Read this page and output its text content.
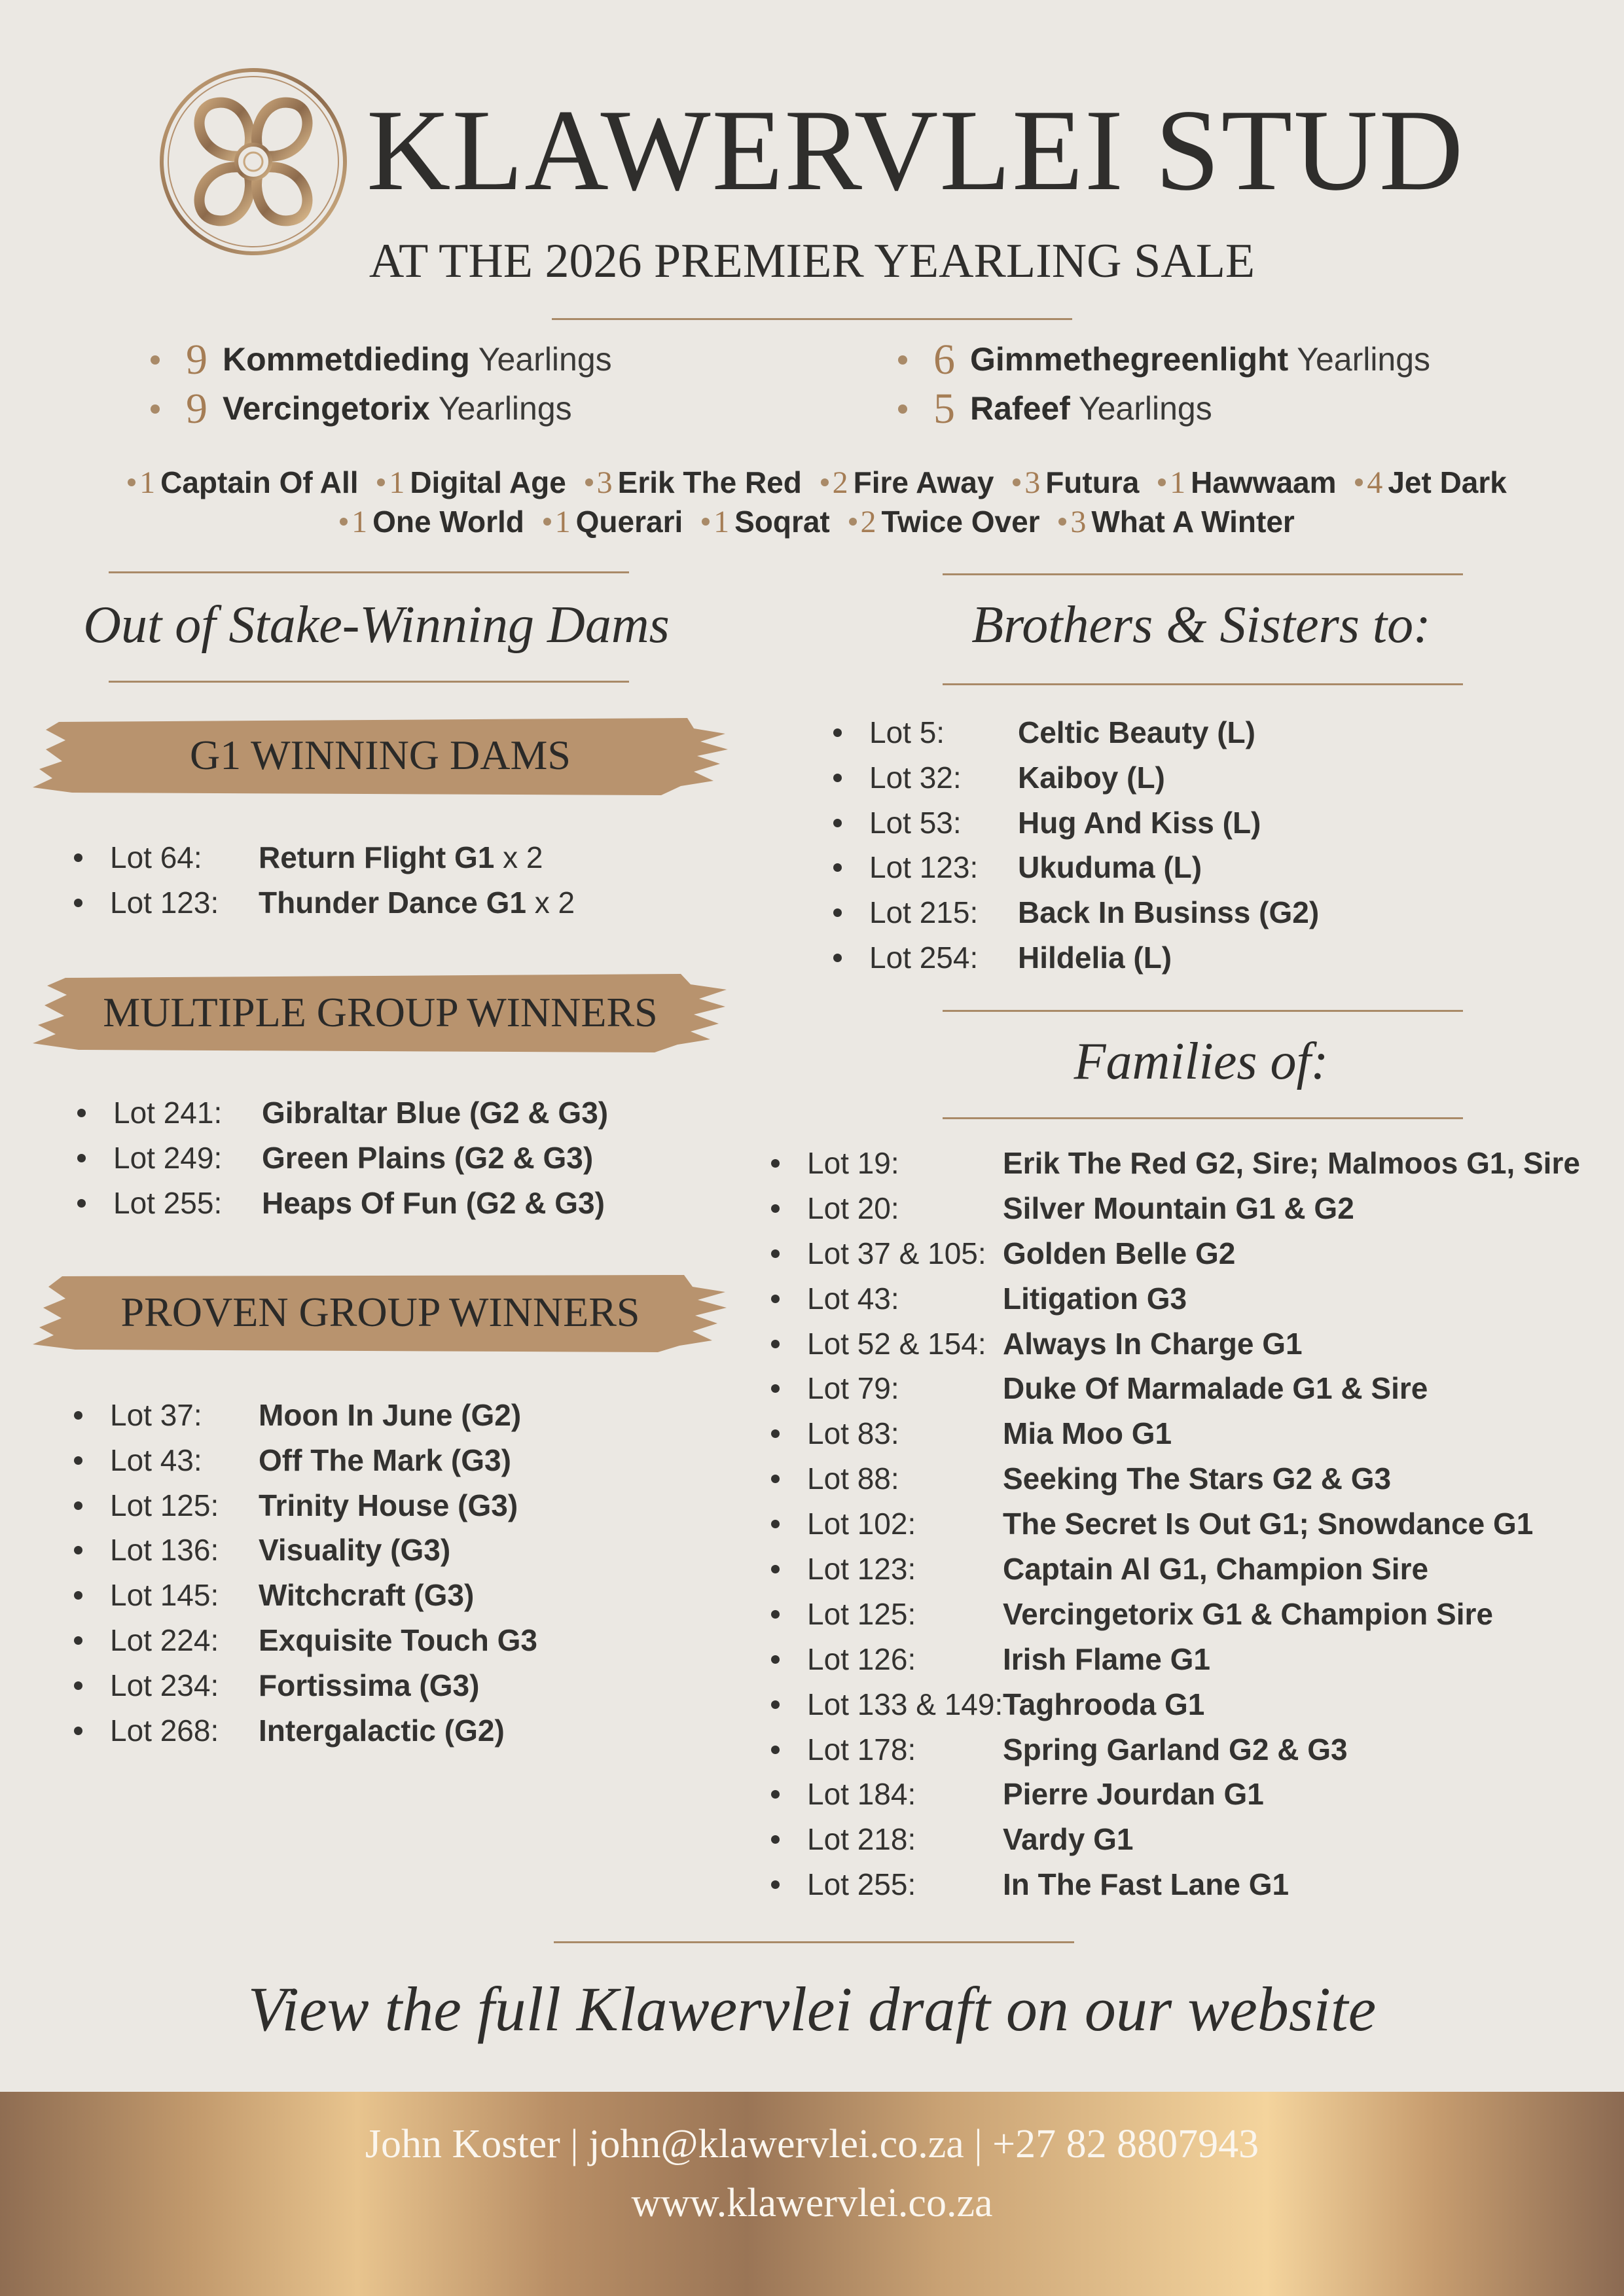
KLAWERVLEI STUD
AT THE 2026 PREMIER YEARLING SALE
9 Kommetdieding Yearlings
9 Vercingetorix Yearlings
6 Gimmethegreenlight Yearlings
5 Rafeef Yearlings
1 Captain Of All 1 Digital Age 3 Erik The Red 2 Fire Away 3 Futura 1 Hawwaam 4 Jet Dark
1 One World 1 Querari 1 Soqrat 2 Twice Over 3 What A Winter
Out of Stake-Winning Dams
G1 WINNING DAMS
Lot 64: Return Flight G1 x 2
Lot 123: Thunder Dance G1 x 2
MULTIPLE GROUP WINNERS
Lot 241: Gibraltar Blue (G2 & G3)
Lot 249: Green Plains (G2 & G3)
Lot 255: Heaps Of Fun (G2 & G3)
PROVEN GROUP WINNERS
Lot 37: Moon In June (G2)
Lot 43: Off The Mark (G3)
Lot 125: Trinity House (G3)
Lot 136: Visuality (G3)
Lot 145: Witchcraft (G3)
Lot 224: Exquisite Touch G3
Lot 234: Fortissima (G3)
Lot 268: Intergalactic (G2)
Brothers & Sisters to:
Lot 5: Celtic Beauty (L)
Lot 32: Kaiboy (L)
Lot 53: Hug And Kiss (L)
Lot 123: Ukuduma (L)
Lot 215: Back In Businss (G2)
Lot 254: Hildelia (L)
Families of:
Lot 19:	Erik The Red G2, Sire; Malmoos G1, Sire
Lot 20:	Silver Mountain G1 & G2
Lot 37 & 105: Golden Belle G2
Lot 43:	Litigation G3
Lot 52 & 154: Always In Charge G1
Lot 79:	Duke Of Marmalade G1 & Sire
Lot 83:	Mia Moo G1
Lot 88:	Seeking The Stars G2 & G3
Lot 102:	The Secret Is Out G1; Snowdance G1
Lot 123:	Captain Al G1, Champion Sire
Lot 125:	Vercingetorix G1 & Champion Sire
Lot 126:	Irish Flame G1
Lot 133 & 149: Taghrooda G1
Lot 178:	Spring Garland G2 & G3
Lot 184:	Pierre Jourdan G1
Lot 218:	Vardy G1
Lot 255:	In The Fast Lane G1
View the full Klawervlei draft on our website
John Koster | john@klawervlei.co.za | +27 82 8807943
www.klawervlei.co.za
